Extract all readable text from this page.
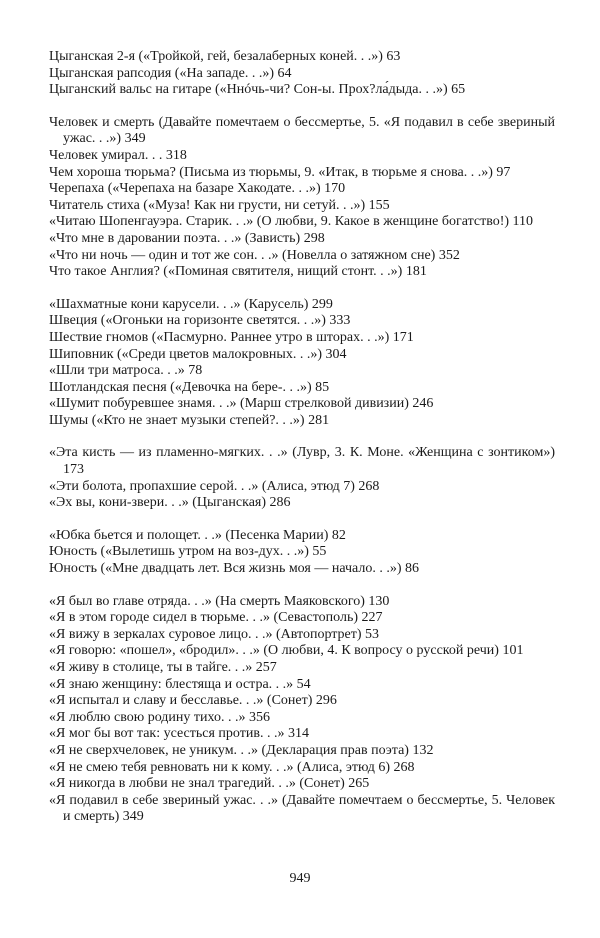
Цыганская 2-я («Тройкой, гей, безалаберных коней. . .») 63
Цыганская рапсодия («На западе. . .») 64
Цыганский вальс на гитаре («Ннóчь-чи? Сон-ы. Прох?ла́дыда. . .») 65
Человек и смерть (Давайте помечтаем о бессмертье, 5. «Я подавил в себе звериный ужас. . .») 349
Человек умирал. . . 318
Чем хороша тюрьма? (Письма из тюрьмы, 9. «Итак, в тюрьме я снова. . .») 97
Черепаха («Черепаха на базаре Хакодате. . .») 170
Читатель стиха («Муза! Как ни грусти, ни сетуй. . .») 155
«Читаю Шопенгауэра. Старик. . .» (О любви, 9. Какое в женщине богатство!) 110
«Что мне в даровании поэта. . .» (Зависть) 298
«Что ни ночь — один и тот же сон. . .» (Новелла о затяжном сне) 352
Что такое Англия? («Поминая святителя, нищий стонт. . .») 181
«Шахматные кони карусели. . .» (Карусель) 299
Швеция («Огоньки на горизонте светятся. . .») 333
Шествие гномов («Пасмурно. Раннее утро в шторах. . .») 171
Шиповник («Среди цветов малокровных. . .») 304
«Шли три матроса. . .» 78
Шотландская песня («Девочка на бере-. . .») 85
«Шумит побуревшее знамя. . .» (Марш стрелковой дивизии) 246
Шумы («Кто не знает музыки степей?. . .») 281
«Эта кисть — из пламенно-мягких. . .» (Лувр, 3. К. Моне. «Женщина с зонтиком») 173
«Эти болота, пропахшие серой. . .» (Алиса, этюд 7) 268
«Эх вы, кони-звери. . .» (Цыганская) 286
«Юбка бьется и полощет. . .» (Песенка Марии) 82
Юность («Вылетишь утром на воз-дух. . .») 55
Юность («Мне двадцать лет. Вся жизнь моя — начало. . .») 86
«Я был во главе отряда. . .» (На смерть Маяковского) 130
«Я в этом городе сидел в тюрьме. . .» (Севастополь) 227
«Я вижу в зеркалах суровое лицо. . .» (Автопортрет) 53
«Я говорю: «пошел», «бродил». . .» (О любви, 4. К вопросу о русской речи) 101
«Я живу в столице, ты в тайге. . .» 257
«Я знаю женщину: блестяща и остра. . .» 54
«Я испытал и славу и бесславье. . .» (Сонет) 296
«Я люблю свою родину тихо. . .» 356
«Я мог бы вот так: усесться против. . .» 314
«Я не сверхчеловек, не уникум. . .» (Декларация прав поэта) 132
«Я не смею тебя ревновать ни к кому. . .» (Алиса, этюд 6) 268
«Я никогда в любви не знал трагедий. . .» (Сонет) 265
«Я подавил в себе звериный ужас. . .» (Давайте помечтаем о бессмертье, 5. Человек и смерть) 349
949
